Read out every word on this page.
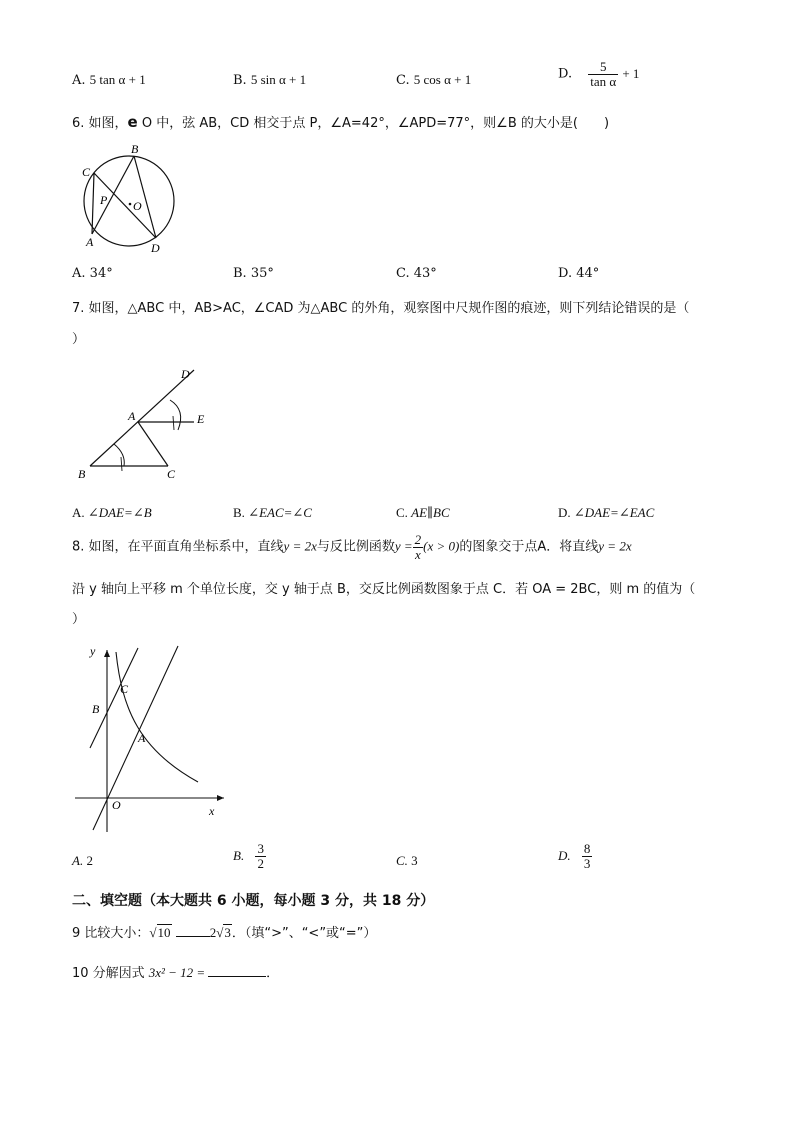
A. 5 tan α + 1	B. 5 sin α + 1	C. 5 cos α + 1	D. $\frac{5}{\text{tan α}} + 1$
6. 如图，e O 中，弦 AB，CD 相交于点 P，∠A=42°，∠APD=77°，则∠B 的大小是(　　)
C
B
P O
A	D
A. 34°	B. 35°	C. 43°	D. 44°
7. 如图，△ABC 中，AB>AC，∠CAD 为△ABC 的外角，观察图中尺规作图的痕迹，则下列结论错误的是（
）
D
A	E
B	C
A. ∠DAE=∠B	B. ∠EAC=∠C	C. AE∥BC	D. ∠DAE=∠EAC
8. 如图，在平面直角坐标系中，直线y = 2x与反比例函数$y = \frac{2}{x} (x > 0)$的图象交于点A．将直线y = 2x
沿 y 轴向上平移 m 个单位长度，交 y 轴于点 B，交反比例函数图象于点 C．若 OA = 2BC，则 m 的值为（
）
y
C
B
A
O	x
A. 2	B. $\frac{3}{2}$	C. 3	D. $\frac{8}{3}$
二、填空题（本大题共 6 小题，每小题 3 分，共 18 分）
9 比较大小：√10	2√3．（填“>”、“<”或“=”）
10 分解因式 3x² − 12 =	．
